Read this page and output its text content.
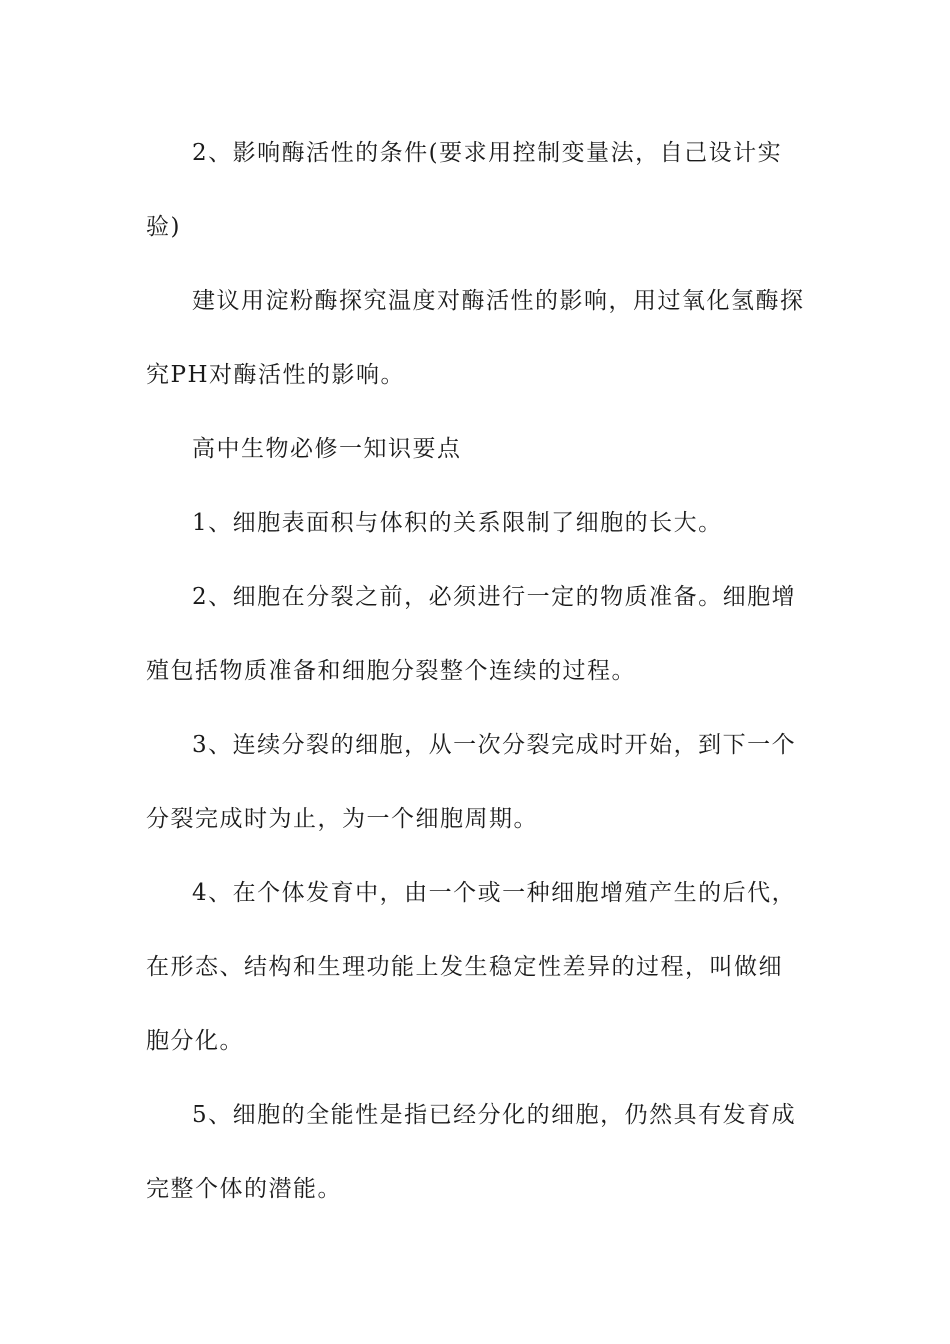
2、影响酶活性的条件(要求用控制变量法，自己设计实验)

建议用淀粉酶探究温度对酶活性的影响，用过氧化氢酶探究PH对酶活性的影响。

高中生物必修一知识要点

1、细胞表面积与体积的关系限制了细胞的长大。

2、细胞在分裂之前，必须进行一定的物质准备。细胞增殖包括物质准备和细胞分裂整个连续的过程。

3、连续分裂的细胞，从一次分裂完成时开始，到下一个分裂完成时为止，为一个细胞周期。

4、在个体发育中，由一个或一种细胞增殖产生的后代，在形态、结构和生理功能上发生稳定性差异的过程，叫做细胞分化。

5、细胞的全能性是指已经分化的细胞，仍然具有发育成完整个体的潜能。
